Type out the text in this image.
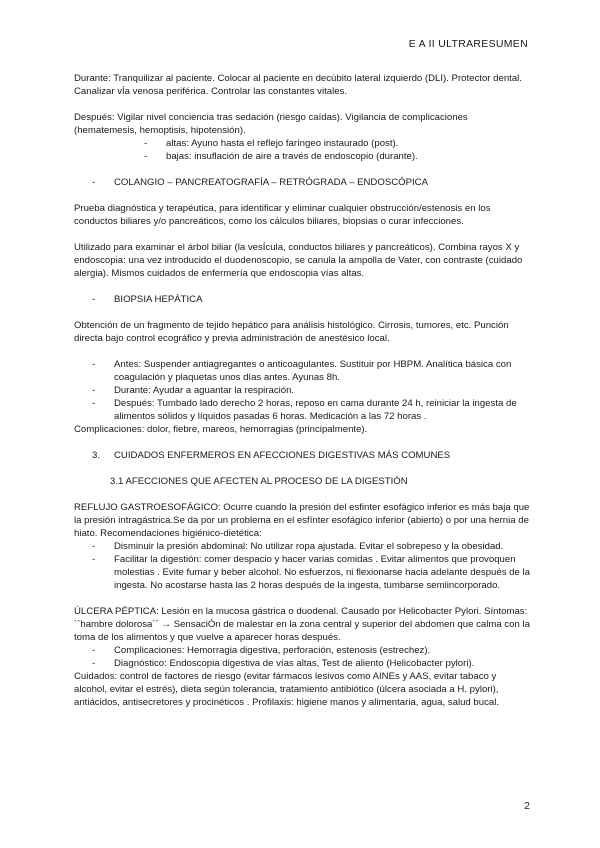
E A II ULTRARESUMEN

Durante: Tranquilizar al paciente. Colocar al paciente en decúbito lateral izquierdo (DLI). Protector dental. Canalizar vÍa venosa periférica. Controlar las constantes vitales.

Después: Vigilar nivel conciencia tras sedación (riesgo caídas). Vigilancia de complicaciones (hematemesis, hemoptisis, hipotensión).

- altas: Ayuno hasta el reflejo faríngeo instaurado (post).
- bajas: insuflación de aire a través de endoscopio (durante).
- COLANGIO – PANCREATOGRAFÍA – RETRÓGRADA – ENDOSCÓPICA

Prueba diagnóstica y terapéutica, para identificar y eliminar cualquier obstrucción/estenosis en los conductos biliares y/o pancreáticos, como los cálculos biliares, biopsias o curar infecciones.

Utilizado para examinar el árbol biliar (la vesÍcula, conductos biliares y pancreáticos). Combina rayos X y endoscopia: una vez introducido el duodenoscopio, se canula la ampolla de Vater, con contraste (cuidado alergia). Mismos cuidados de enfermería que endoscopia vías altas.

- BIOPSIA HEPÁTICA

Obtención de un fragmento de tejido hepático para análisis histológico. Cirrosis, tumores, etc. Punción directa bajo control ecográfico y previa administración de anestésico local.

- Antes: Suspender antiagregantes o anticoagulantes. Sustituir por HBPM. Analítica básica con coagulación y plaquetas unos días antes. Ayunas 8h.
- Durante: Ayudar a aguantar la respiración.
- Después: Tumbado lado derecho 2 horas, reposo en cama durante 24 h, reiniciar la ingesta de alimentos sólidos y líquidos pasadas 6 horas. Medicación a las 72 horas .

Complicaciones: dolor, fiebre, mareos, hemorragias (principalmente).

3. CUIDADOS ENFERMEROS EN AFECCIONES DIGESTIVAS MÁS COMUNES
3.1 AFECCIONES QUE AFECTEN AL PROCESO DE LA DIGESTIÓN

REFLUJO GASTROESOFÁGICO: Ocurre cuando la presión del esfinter esofágico inferior es más baja que la presión intragástrica.Se da por un problema en el esfínter esofágico inferior (abierto) o por una hernia de hiato. Recomendaciones higiénico-dietética:

- Disminuir la presión abdominal: No utilizar ropa ajustada. Evitar el sobrepeso y la obesidad.
- Facilitar la digestión: comer despacio y hacer varias comidas . Evitar alimentos que provoquen molestias . Evite fumar y beber alcohol. No esfuerzos, ni flexionarse hacia adelante después de la ingesta. No acostarse hasta las 2 horas después de la ingesta, tumbarse semiincorporado.

ÚLCERA PÉPTICA: Lesión en la mucosa gástrica o duodenal. Causado por Helicobacter Pylori. Síntomas: ``hambre dolorosa´´ → SensaciÓn de malestar en la zona central y superior del abdomen que calma con la toma de los alimentos y que vuelve a aparecer horas después.

- Complicaciones: Hemorragia digestiva, perforación, estenosis (estrechez).
- Diagnóstico: Endoscopia digestiva de vías altas, Test de aliento (Helicobacter pylori).

Cuidados: control de factores de riesgo (evitar fármacos lesivos como AINEs y AAS, evitar tabaco y alcohol, evitar el estrés), dieta según tolerancia, tratamiento antibiótico (úlcera asociada a H. pylori), antiácidos, antisecretores y procinéticos . Profilaxis: higiene manos y alimentaria, agua, salud bucal.

2
